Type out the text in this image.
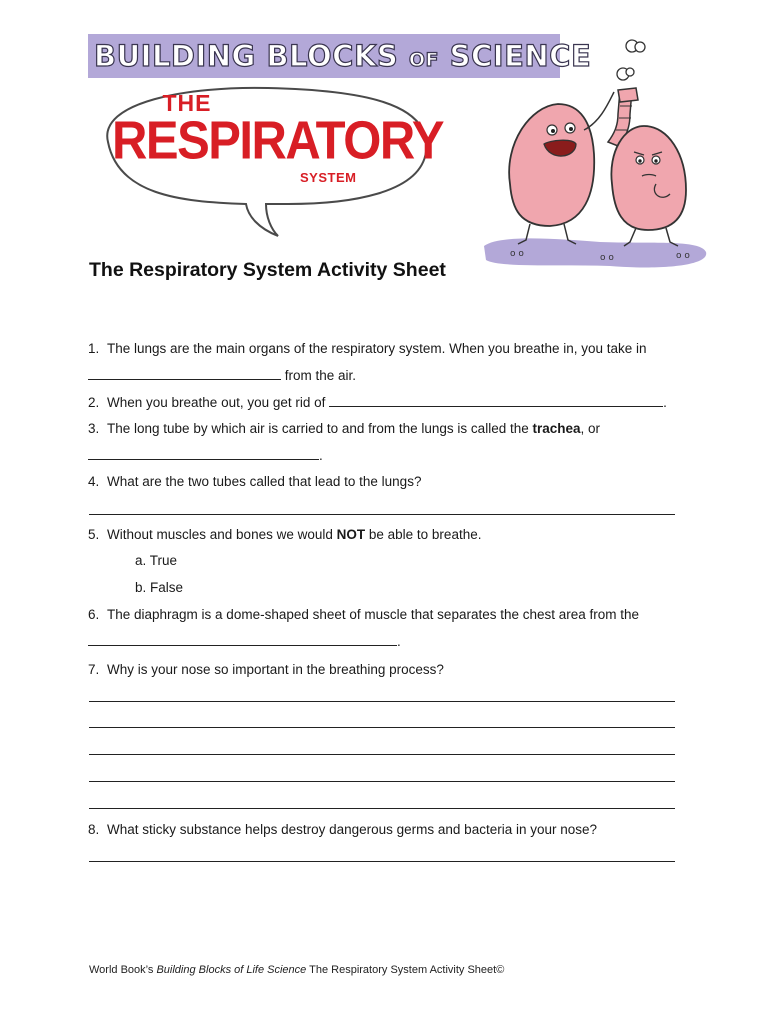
BUILDING BLOCKS OF SCIENCE
THE
RESPIRATORY
SYSTEM
o o	o o	o o
The Respiratory System Activity Sheet
1. The lungs are the main organs of the respiratory system. When you breathe in, you take in
from the air.
2. When you breathe out, you get rid of	.
3. The long tube by which air is carried to and from the lungs is called the trachea, or
.
4. What are the two tubes called that lead to the lungs?
5. Without muscles and bones we would NOT be able to breathe.
a. True
b. False
6. The diaphragm is a dome-shaped sheet of muscle that separates the chest area from the
.
7. Why is your nose so important in the breathing process?
8. What sticky substance helps destroy dangerous germs and bacteria in your nose?
World Book’s Building Blocks of Life Science The Respiratory System Activity Sheet©
